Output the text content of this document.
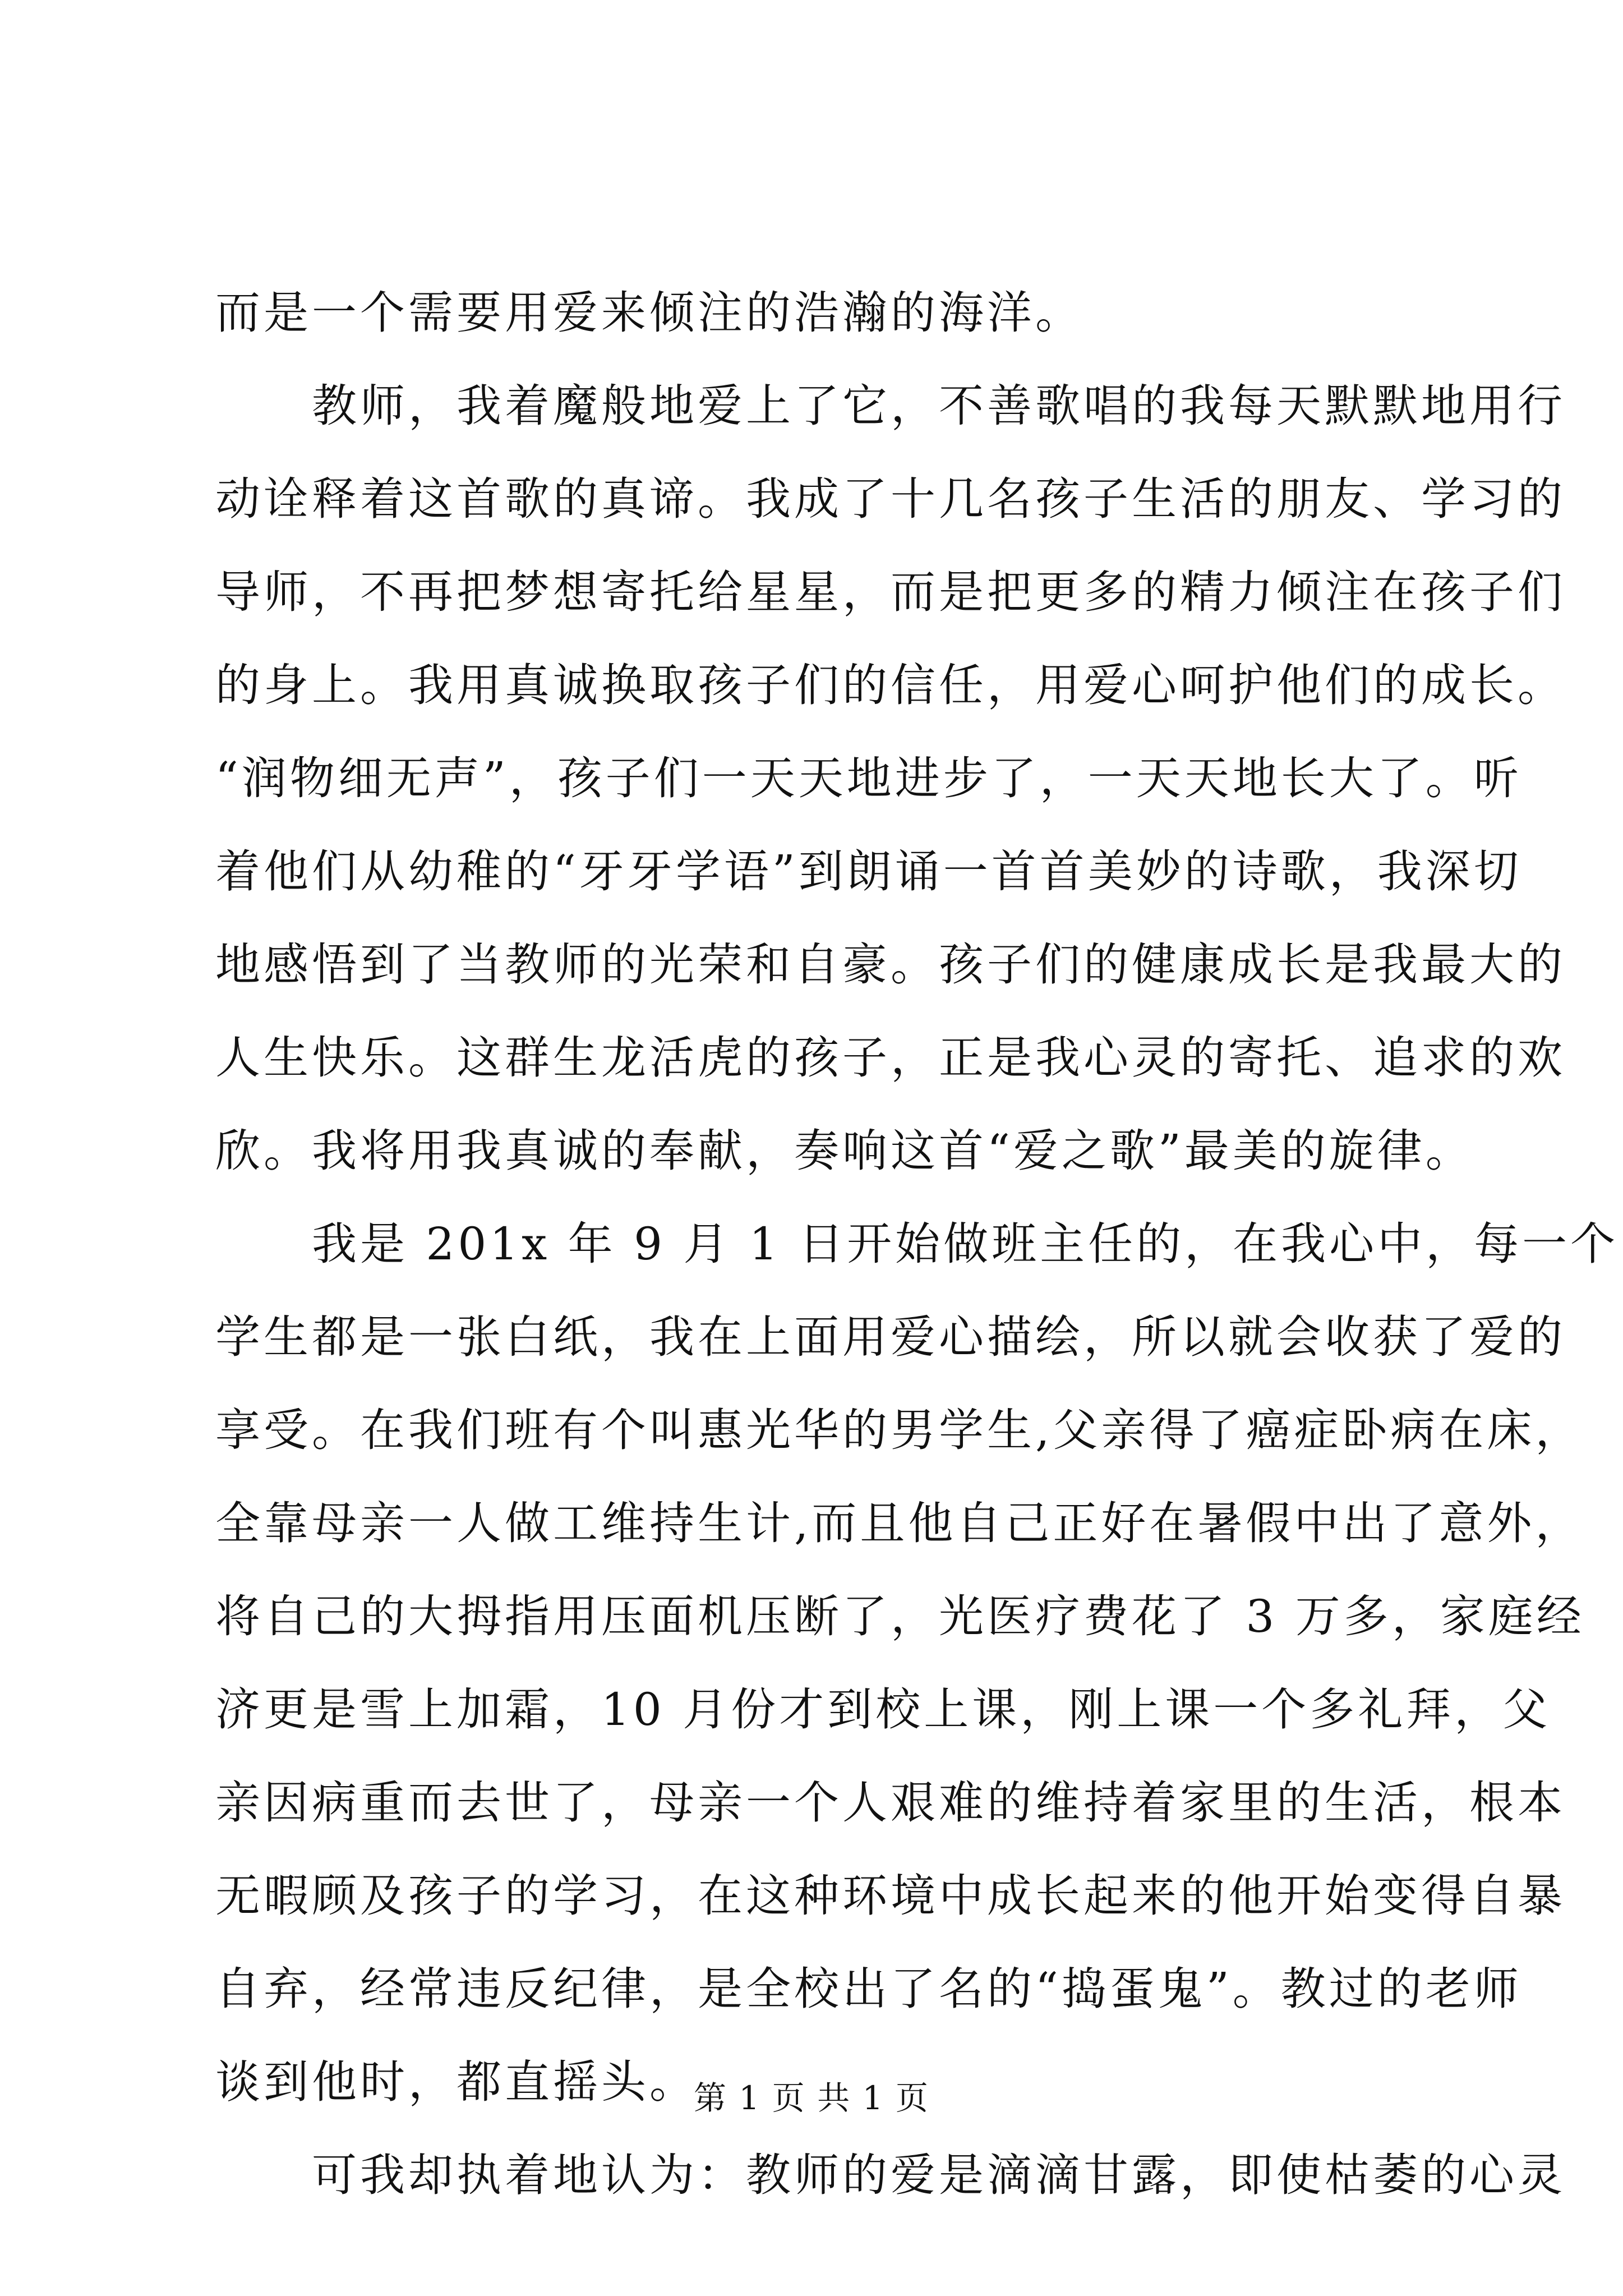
而是一个需要用爱来倾注的浩瀚的海洋。
教师，我着魔般地爱上了它，不善歌唱的我每天默默地用行
动诠释着这首歌的真谛。我成了十几名孩子生活的朋友、学习的
导师，不再把梦想寄托给星星，而是把更多的精力倾注在孩子们
的身上。我用真诚换取孩子们的信任，用爱心呵护他们的成长。
“润物细无声”，孩子们一天天地进步了，一天天地长大了。听
着他们从幼稚的“牙牙学语”到朗诵一首首美妙的诗歌，我深切
地感悟到了当教师的光荣和自豪。孩子们的健康成长是我最大的
人生快乐。这群生龙活虎的孩子，正是我心灵的寄托、追求的欢
欣。我将用我真诚的奉献，奏响这首“爱之歌”最美的旋律。
我是 201x 年 9 月 1 日开始做班主任的，在我心中，每一个
学生都是一张白纸，我在上面用爱心描绘，所以就会收获了爱的
享受。在我们班有个叫惠光华的男学生,父亲得了癌症卧病在床，
全靠母亲一人做工维持生计,而且他自己正好在暑假中出了意外，
将自己的大拇指用压面机压断了，光医疗费花了 3 万多，家庭经
济更是雪上加霜，10 月份才到校上课，刚上课一个多礼拜，父
亲因病重而去世了，母亲一个人艰难的维持着家里的生活，根本
无暇顾及孩子的学习，在这种环境中成长起来的他开始变得自暴
自弃，经常违反纪律，是全校出了名的“捣蛋鬼”。教过的老师
谈到他时，都直摇头。
可我却执着地认为：教师的爱是滴滴甘露，即使枯萎的心灵
第 1 页 共 1 页
